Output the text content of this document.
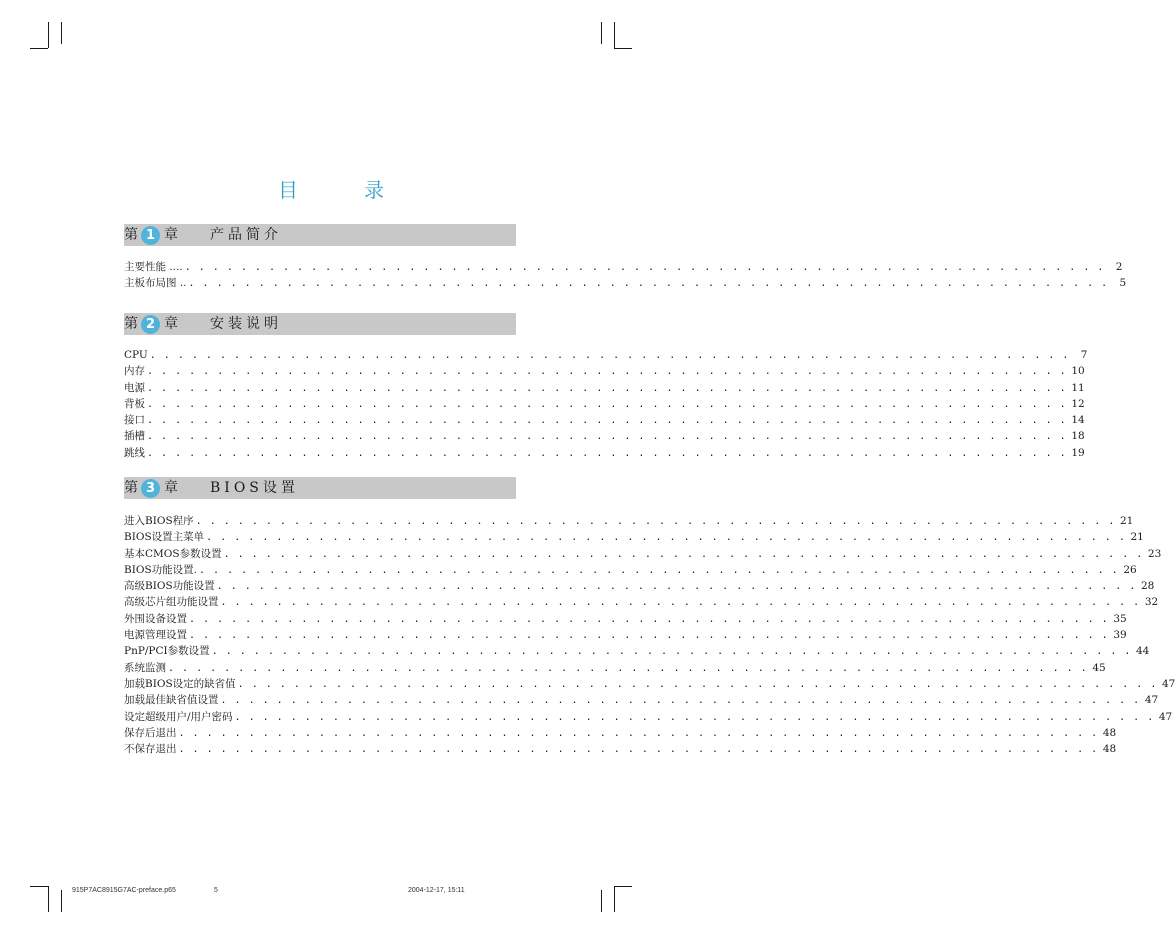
目	录
第 1 章 产品简介
主要性能 .... . . . . . . . . . . . . . . . . . . . . . . . . . . . . . . . . . . . . . . . . . . . . . . . . . . . . . . . . . . . . . . . . . .	2
主板布局图 .. . . . . . . . . . . . . . . . . . . . . . . . . . . . . . . . . . . . . . . . . . . . . . . . . . . . . . . . . . . . . . . . . . .	5
第 2 章 安装说明
CPU . . . . . . . . . . . . . . . . . . . . . . . . . . . . . . . . . . . . . . . . . . . . . . . . . . . . . . . . . . . . . . . . . .	7
内存 . . . . . . . . . . . . . . . . . . . . . . . . . . . . . . . . . . . . . . . . . . . . . . . . . . . . . . . . . . . . . . . . . . 10
电源 . . . . . . . . . . . . . . . . . . . . . . . . . . . . . . . . . . . . . . . . . . . . . . . . . . . . . . . . . . . . . . . . . . 11
背板 . . . . . . . . . . . . . . . . . . . . . . . . . . . . . . . . . . . . . . . . . . . . . . . . . . . . . . . . . . . . . . . . . . 12
接口 . . . . . . . . . . . . . . . . . . . . . . . . . . . . . . . . . . . . . . . . . . . . . . . . . . . . . . . . . . . . . . . . . . 14
插槽 . . . . . . . . . . . . . . . . . . . . . . . . . . . . . . . . . . . . . . . . . . . . . . . . . . . . . . . . . . . . . . . . . . 18
跳线 . . . . . . . . . . . . . . . . . . . . . . . . . . . . . . . . . . . . . . . . . . . . . . . . . . . . . . . . . . . . . . . . . . 19
第 3 章 BIOS设置
进入BIOS程序 . . . . . . . . . . . . . . . . . . . . . . . . . . . . . . . . . . . . . . . . . . . . . . . . . . . . . . . . . . . . . . . . . . 21
BIOS设置主菜单 . . . . . . . . . . . . . . . . . . . . . . . . . . . . . . . . . . . . . . . . . . . . . . . . . . . . . . . . . . . . . . . . . . 21
基本CMOS参数设置 . . . . . . . . . . . . . . . . . . . . . . . . . . . . . . . . . . . . . . . . . . . . . . . . . . . . . . . . . . . . . . . . . . 23
BIOS功能设置. . . . . . . . . . . . . . . . . . . . . . . . . . . . . . . . . . . . . . . . . . . . . . . . . . . . . . . . . . . . . . . . . . . 26
高级BIOS功能设置 . . . . . . . . . . . . . . . . . . . . . . . . . . . . . . . . . . . . . . . . . . . . . . . . . . . . . . . . . . . . . . . . . . 28
高级芯片组功能设置 . . . . . . . . . . . . . . . . . . . . . . . . . . . . . . . . . . . . . . . . . . . . . . . . . . . . . . . . . . . . . . . . . . 32
外围设备设置 . . . . . . . . . . . . . . . . . . . . . . . . . . . . . . . . . . . . . . . . . . . . . . . . . . . . . . . . . . . . . . . . . . 35
电源管理设置 . . . . . . . . . . . . . . . . . . . . . . . . . . . . . . . . . . . . . . . . . . . . . . . . . . . . . . . . . . . . . . . . . . 39
PnP/PCI参数设置 . . . . . . . . . . . . . . . . . . . . . . . . . . . . . . . . . . . . . . . . . . . . . . . . . . . . . . . . . . . . . . . . . . 44
系统监测 . . . . . . . . . . . . . . . . . . . . . . . . . . . . . . . . . . . . . . . . . . . . . . . . . . . . . . . . . . . . . . . . . . 45
加载BIOS设定的缺省值 . . . . . . . . . . . . . . . . . . . . . . . . . . . . . . . . . . . . . . . . . . . . . . . . . . . . . . . . . . . . . . . . . . 47
加载最佳缺省值设置 . . . . . . . . . . . . . . . . . . . . . . . . . . . . . . . . . . . . . . . . . . . . . . . . . . . . . . . . . . . . . . . . . . 47
设定超级用户/用户密码 . . . . . . . . . . . . . . . . . . . . . . . . . . . . . . . . . . . . . . . . . . . . . . . . . . . . . . . . . . . . . . . . . . 47
保存后退出 . . . . . . . . . . . . . . . . . . . . . . . . . . . . . . . . . . . . . . . . . . . . . . . . . . . . . . . . . . . . . . . . . . 48
不保存退出 . . . . . . . . . . . . . . . . . . . . . . . . . . . . . . . . . . . . . . . . . . . . . . . . . . . . . . . . . . . . . . . . . . 48
915P7AC8915G7AC-preface.p65	5	2004-12-17, 15:11
